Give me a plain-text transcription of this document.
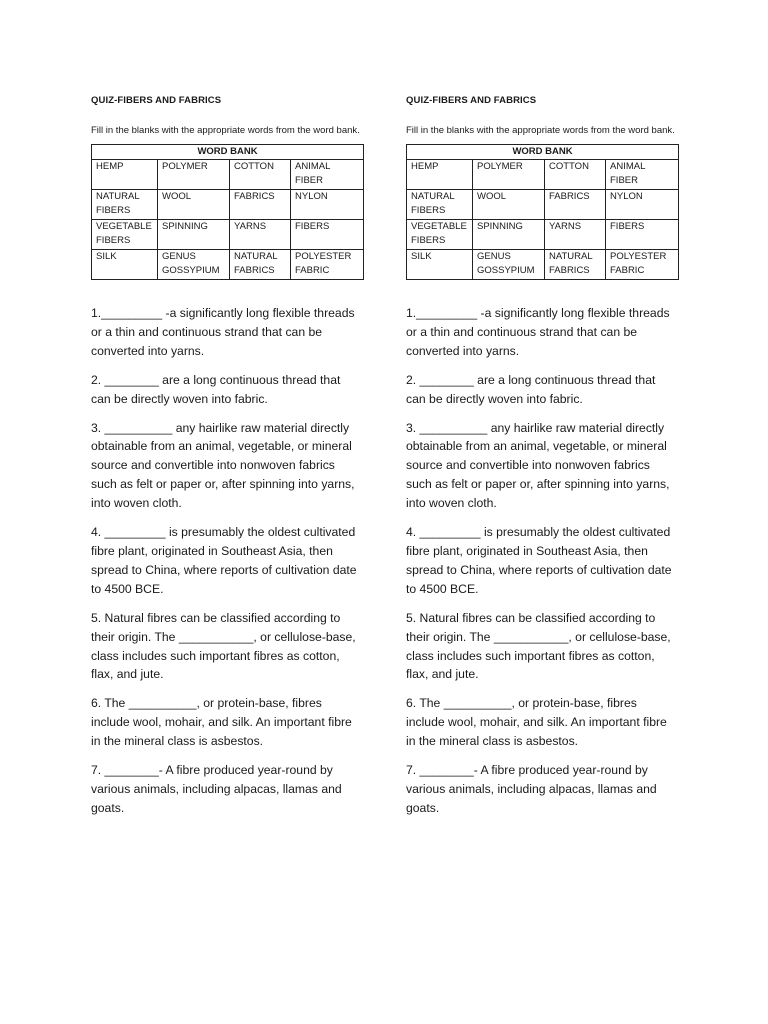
QUIZ-FIBERS AND FABRICS
Fill in the blanks with the appropriate words from the word bank.
WORD BANK			
HEMP	POLYMER	COTTON	ANIMAL FIBER
NATURAL FIBERS	WOOL	FABRICS	NYLON
VEGETABLE FIBERS	SPINNING	YARNS	FIBERS
SILK	GENUS GOSSYPIUM	NATURAL FABRICS	POLYESTER FABRIC

1._________ -a significantly long flexible threads or a thin and continuous strand that can be converted into yarns.

2. ________ are a long continuous thread that can be directly woven into fabric.

3. __________ any hairlike raw material directly obtainable from an animal, vegetable, or mineral source and convertible into nonwoven fabrics such as felt or paper or, after spinning into yarns, into woven cloth.

4. _________ is presumably the oldest cultivated fibre plant, originated in Southeast Asia, then spread to China, where reports of cultivation date to 4500 BCE.

5. Natural fibres can be classified according to their origin. The ___________, or cellulose-base, class includes such important fibres as cotton, flax, and jute.

6. The __________, or protein-base, fibres include wool, mohair, and silk. An important fibre in the mineral class is asbestos.

7. ________- A fibre produced year-round by various animals, including alpacas, llamas and goats.

QUIZ-FIBERS AND FABRICS
Fill in the blanks with the appropriate words from the word bank.
WORD BANK			
HEMP	POLYMER	COTTON	ANIMAL FIBER
NATURAL FIBERS	WOOL	FABRICS	NYLON
VEGETABLE FIBERS	SPINNING	YARNS	FIBERS
SILK	GENUS GOSSYPIUM	NATURAL FABRICS	POLYESTER FABRIC

1._________ -a significantly long flexible threads or a thin and continuous strand that can be converted into yarns.

2. ________ are a long continuous thread that can be directly woven into fabric.

3. __________ any hairlike raw material directly obtainable from an animal, vegetable, or mineral source and convertible into nonwoven fabrics such as felt or paper or, after spinning into yarns, into woven cloth.

4. _________ is presumably the oldest cultivated fibre plant, originated in Southeast Asia, then spread to China, where reports of cultivation date to 4500 BCE.

5. Natural fibres can be classified according to their origin. The ___________, or cellulose-base, class includes such important fibres as cotton, flax, and jute.

6. The __________, or protein-base, fibres include wool, mohair, and silk. An important fibre in the mineral class is asbestos.

7. ________- A fibre produced year-round by various animals, including alpacas, llamas and goats.
